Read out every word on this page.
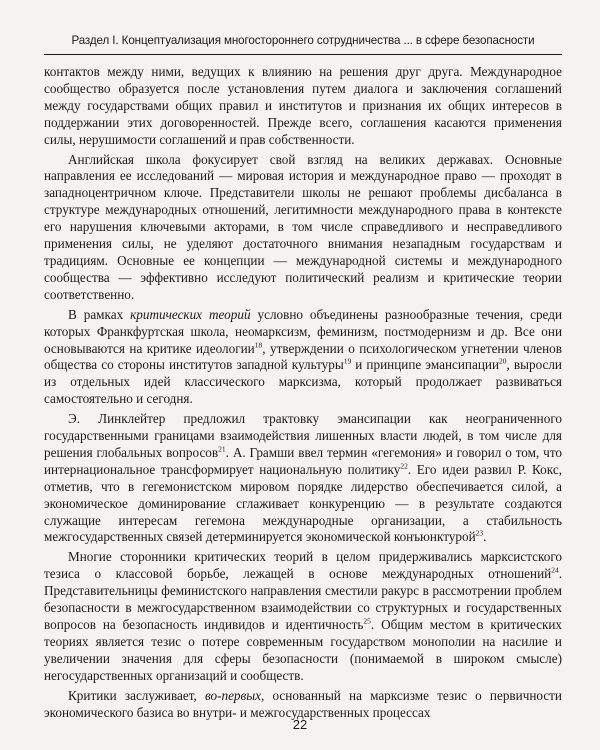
Раздел I. Концептуализация многостороннего сотрудничества ... в сфере безопасности

контактов между ними, ведущих к влиянию на решения друг друга. Международное сообщество образуется после установления путем диалога и заключения соглашений между государствами общих правил и институтов и признания их общих интересов в поддержании этих договоренностей. Прежде всего, соглашения касаются применения силы, нерушимости соглашений и прав собственности.

Английская школа фокусирует свой взгляд на великих державах. Основные направления ее исследований — мировая история и международное право — проходят в западноцентричном ключе. Представители школы не решают проблемы дисбаланса в структуре международных отношений, легитимности международного права в контексте его нарушения ключевыми акторами, в том числе справедливого и несправедливого применения силы, не уделяют достаточного внимания незападным государствам и традициям. Основные ее концепции — международной системы и международного сообщества — эффективно исследуют политический реализм и критические теории соответственно.

В рамках критических теорий условно объединены разнообразные течения, среди которых Франкфуртская школа, неомарксизм, феминизм, постмодернизм и др. Все они основываются на критике идеологии$^{18}$, утверждении о психологическом угнетении членов общества со стороны институтов западной культуры$^{19}$ и принципе эмансипации$^{20}$, выросли из отдельных идей классического марксизма, который продолжает развиваться самостоятельно и сегодня.

Э. Линклейтер предложил трактовку эмансипации как неограниченного государственными границами взаимодействия лишенных власти людей, в том числе для решения глобальных вопросов$^{21}$. А. Грамши ввел термин «гегемония» и говорил о том, что интернациональное трансформирует национальную политику$^{22}$. Его идеи развил Р. Кокс, отметив, что в гегемонистском мировом порядке лидерство обеспечивается силой, а экономическое доминирование сглаживает конкуренцию — в результате создаются служащие интересам гегемона международные организации, а стабильность межгосударственных связей детерминируется экономической конъюнктурой$^{23}$.

Многие сторонники критических теорий в целом придерживались марксистского тезиса о классовой борьбе, лежащей в основе международных отношений$^{24}$. Представительницы феминистского направления сместили ракурс в рассмотрении проблем безопасности в межгосударственном взаимодействии со структурных и государственных вопросов на безопасность индивидов и идентичность$^{25}$. Общим местом в критических теориях является тезис о потере современным государством монополии на насилие и увеличении значения для сферы безопасности (понимаемой в широком смысле) негосударственных организаций и сообществ.

Критики заслуживает, во-первых, основанный на марксизме тезис о первичности экономического базиса во внутри- и межгосударственных процессах

22
